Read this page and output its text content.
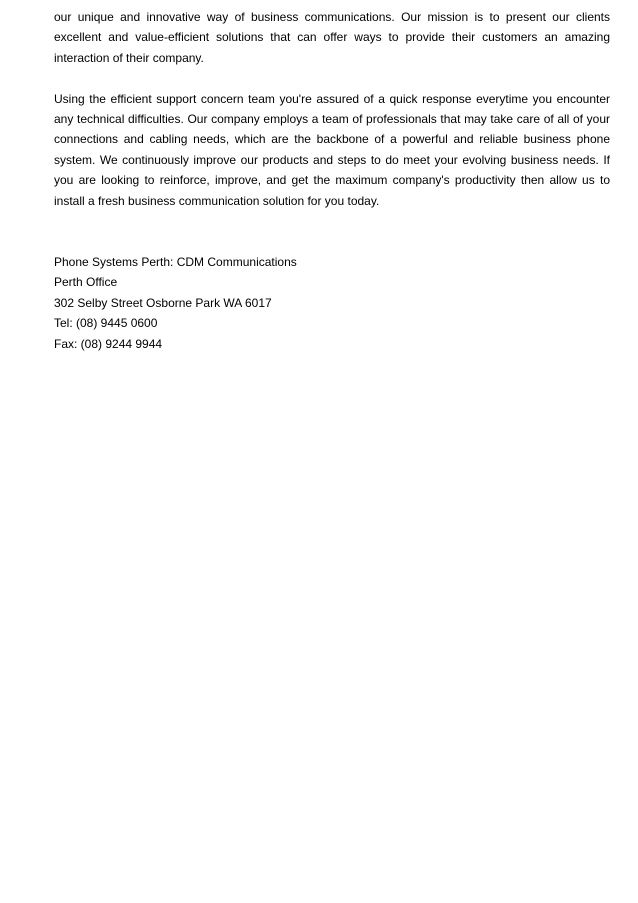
our unique and innovative way of business communications. Our mission is to present our clients excellent and value-efficient solutions that can offer ways to provide their customers an amazing interaction of their company.

Using the efficient support concern team you're assured of a quick response everytime you encounter any technical difficulties. Our company employs a team of professionals that may take care of all of your connections and cabling needs, which are the backbone of a powerful and reliable business phone system. We continuously improve our products and steps to do meet your evolving business needs. If you are looking to reinforce, improve, and get the maximum company's productivity then allow us to install a fresh business communication solution for you today.

Phone Systems Perth: CDM Communications
Perth Office
302 Selby Street Osborne Park WA 6017
Tel: (08) 9445 0600
Fax: (08) 9244 9944
